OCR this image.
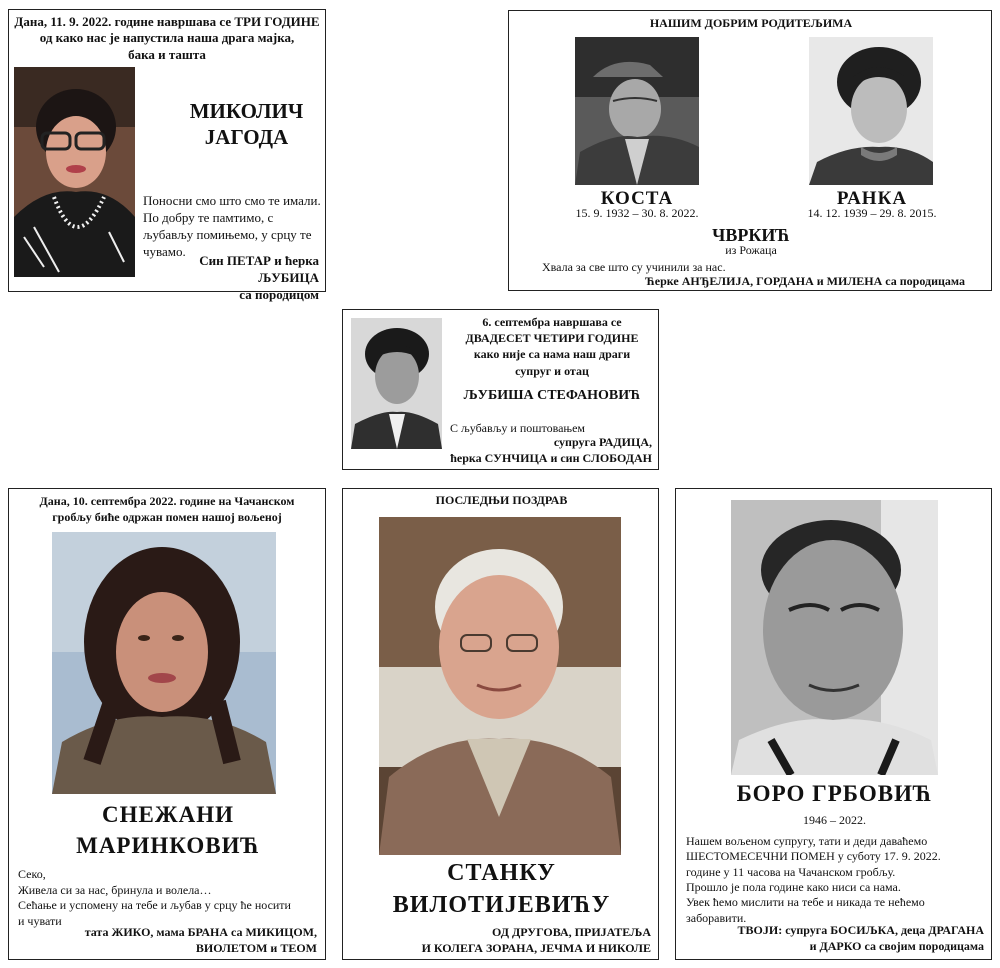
Дана, 11. 9. 2022. године навршава се ТРИ ГОДИНЕ
од како нас је напустила наша драга мајка,
бака и ташта
МИКОЛИЧ
ЈАГОДА
Поносни смо што смо те имали.
По добру те памтимо, с
љубављу помињемо, у срцу те
чувамо.
Син ПЕТАР и ћерка ЉУБИЦА
са породицом
НАШИМ ДОБРИМ РОДИТЕЉИМА
КОСТА
15. 9. 1932 – 30. 8. 2022.
РАНКА
14. 12. 1939 – 29. 8. 2015.
ЧВРКИЋ
из Рожаца
Хвала за све што су учинили за нас.
Ћерке АНЂЕЛИЈА, ГОРДАНА и МИЛЕНА са породицама
6. септембра навршава се
ДВАДЕСЕТ ЧЕТИРИ ГОДИНЕ
како није са нама наш драги
супруг и отац
ЉУБИША СТЕФАНОВИЋ
С љубављу и поштовањем
супруга РАДИЦА,
ћерка СУНЧИЦА и син СЛОБОДАН
Дана, 10. септембра 2022. године на Чачанском
гробљу биће одржан помен нашој вољеној
СНЕЖАНИ
МАРИНКОВИЋ
Секо,
Живела си за нас, бринула и волела…
Сећање и успомену на тебе и љубав у срцу ће носити
и чувати
тата ЖИКО, мама БРАНА са МИКИЦОМ,
ВИОЛЕТОМ и ТЕОМ
ПОСЛЕДЊИ ПОЗДРАВ
СТАНКУ
ВИЛОТИЈЕВИЋУ
ОД ДРУГОВА, ПРИЈАТЕЉА
И КОЛЕГА ЗОРАНА, ЈЕЧМА И НИКОЛЕ
БОРО ГРБОВИЋ
1946 – 2022.
Нашем вољеном супругу, тати и деди даваћемо
ШЕСТОМЕСЕЧНИ ПОМЕН у суботу 17. 9. 2022.
године у 11 часова на Чачанском гробљу.
Прошло је пола године како ниси са нама.
Увек ћемо мислити на тебе и никада те нећемо
заборавити.
ТВОЈИ: супруга БОСИЉКА, деца ДРАГАНА
и ДАРКО са својим породицама
